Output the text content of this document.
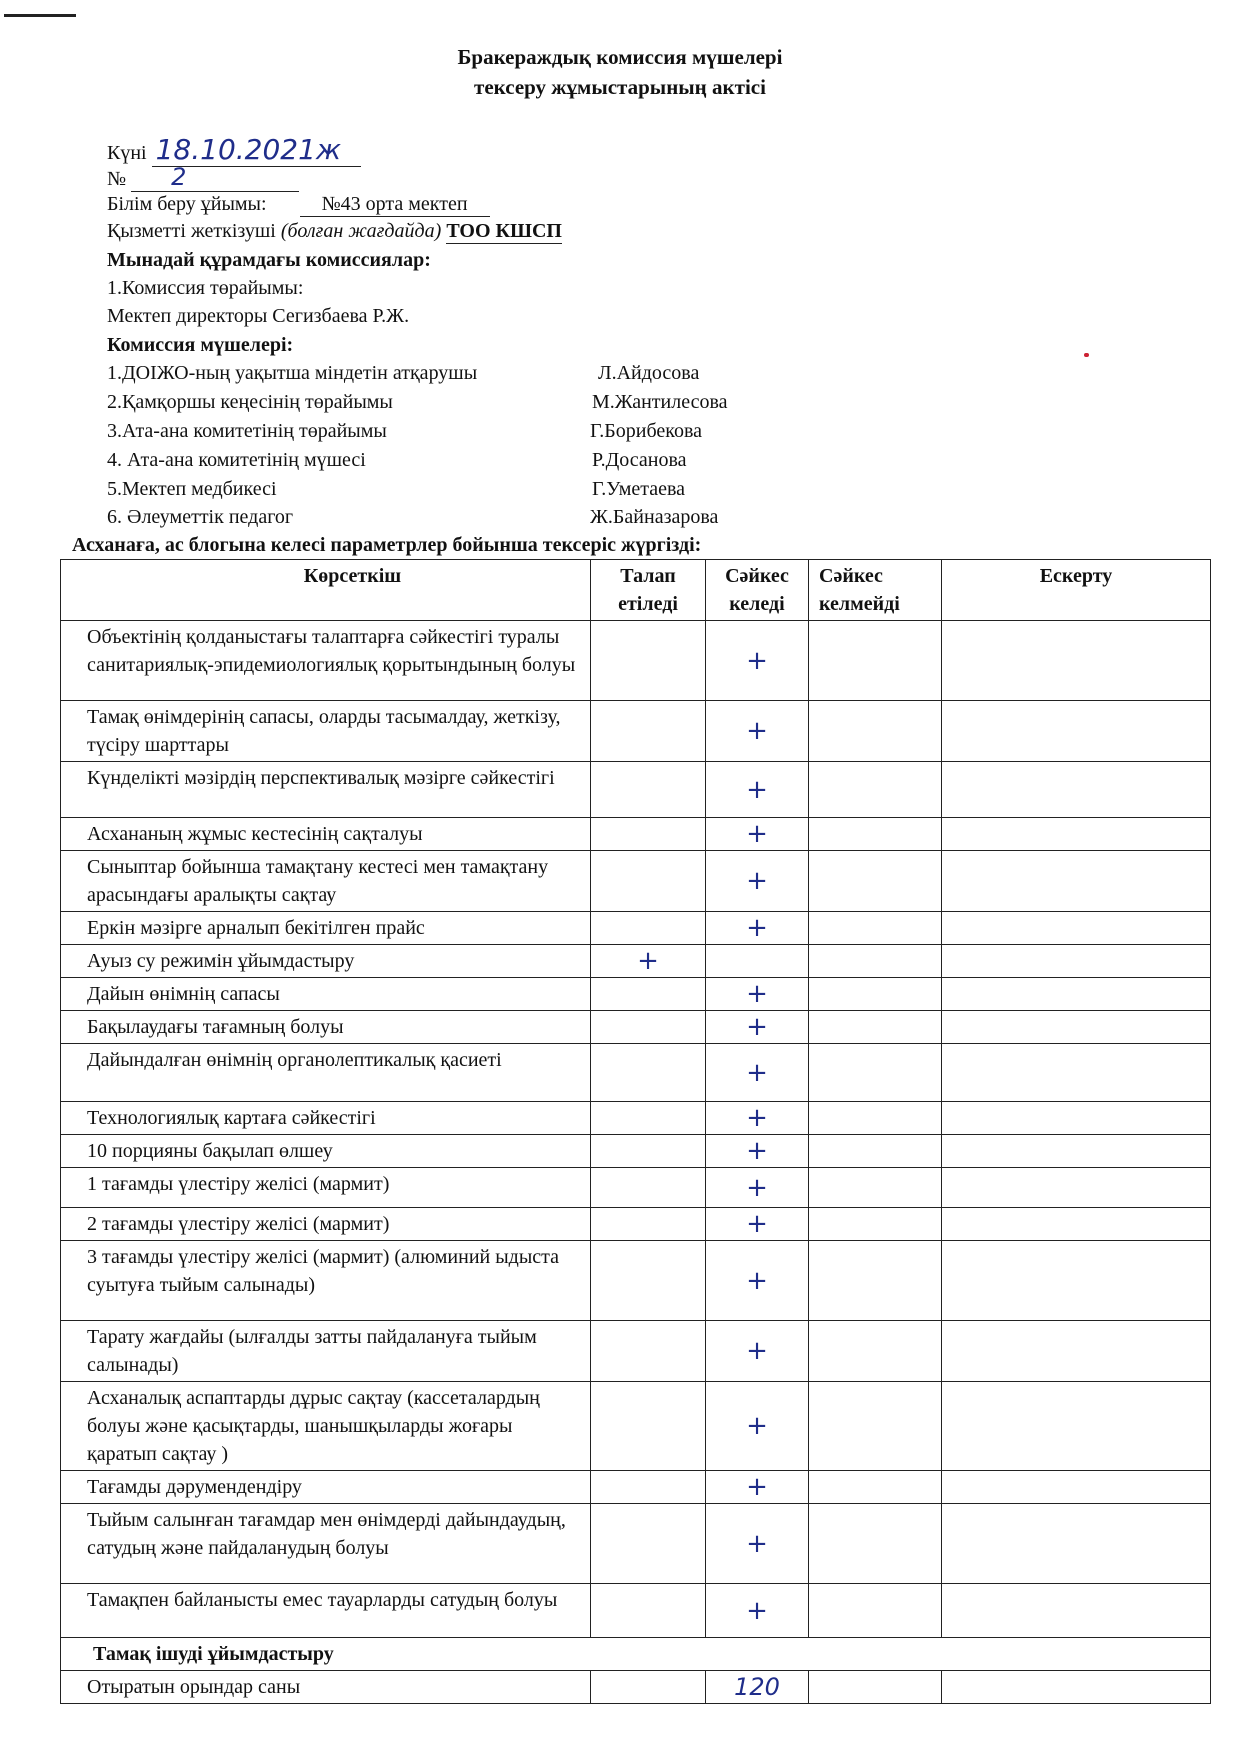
Бракераждық комиссия мүшелері
тексеру жұмыстарының актісі
Күні 18.10.2021ж
№ 2
Білім беру ұйымы:	№43 орта мектеп
Қызметті жеткізуші (болған жағдайда) ТОО КШСП
Мынадай құрамдағы комиссиялар:
1.Комиссия төрайымы:
Мектеп директоры Сегизбаева Р.Ж.
Комиссия мүшелері:
1.ДОІЖО-ның уақытша міндетін атқарушы	Л.Айдосова
2.Қамқоршы кеңесінің төрайымы	М.Жантилесова
3.Ата-ана комитетінің төрайымы	Г.Борибекова
4. Ата-ана комитетінің мүшесі	Р.Досанова
5.Мектеп медбикесі	Г.Уметаева
6. Әлеуметтік педагог	Ж.Байназарова
Асханаға, ас блогына келесі параметрлер бойынша тексеріс жүргізді:
Көрсеткіш	Талап етіледі	Сәйкес келеді	Сәйкес келмейді	Ескерту
Объектінің қолданыстағы талаптарға сәйкестігі туралы санитариялық-эпидемиологиялық қорытындының болуы		+		
Тамақ өнімдерінің сапасы, оларды тасымалдау, жеткізу, түсіру шарттары		+		
Күнделікті мәзірдің перспективалық мәзірге сәйкестігі		+		
Асхананың жұмыс кестесінің сақталуы		+		
Сыныптар бойынша тамақтану кестесі мен тамақтану арасындағы аралықты сақтау		+		
Еркін мәзірге арналып бекітілген прайс		+		
Ауыз су режимін ұйымдастыру	+			
Дайын өнімнің сапасы		+		
Бақылаудағы тағамның болуы		+		
Дайындалған өнімнің органолептикалық қасиеті		+		
Технологиялық картаға сәйкестігі		+		
10 порцияны бақылап өлшеу		+		
1 тағамды үлестіру желісі (мармит)		+		
2 тағамды үлестіру желісі (мармит)		+		
3 тағамды үлестіру желісі (мармит) (алюминий ыдыста суытуға тыйым салынады)		+		
Тарату жағдайы (ылғалды затты пайдалануға тыйым салынады)		+		
Асханалық аспаптарды дұрыс сақтау (кассеталардың болуы және қасықтарды, шанышқыларды жоғары қаратып сақтау )		+		
Тағамды дәрумендендіру		+		
Тыйым салынған тағамдар мен өнімдерді дайындаудың, сатудың және пайдаланудың болуы		+		
Тамақпен байланысты емес тауарларды сатудың болуы		+		
Тамақ ішуді ұйымдастыру				
Отыратын орындар саны		120		
